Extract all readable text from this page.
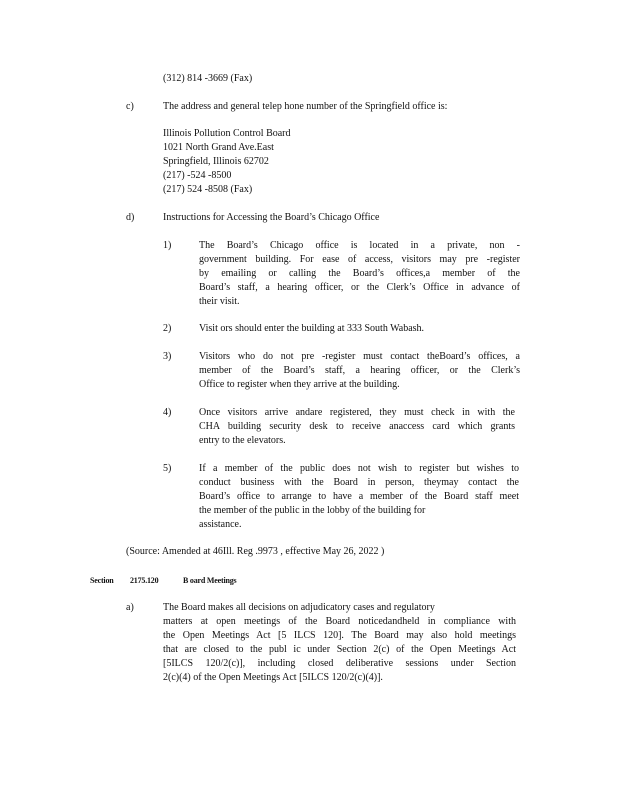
(312) 814 -3669 (Fax)
c)	The address and general telep hone number of the Springfield office is:
Illinois Pollution Control Board
1021 North Grand Ave.East
Springfield, Illinois 62702
(217) -524 -8500
(217) 524 -8508 (Fax)
d)	Instructions for Accessing the Board’s Chicago Office
1)	The Board’s Chicago office is located in a private, non -
government building. For ease of access, visitors may pre -register
by emailing or calling the Board’s offices,a member of the
Board’s staff, a hearing officer, or the Clerk’s Office in advance of
their visit.
2)	Visit ors should enter the building at 333 South Wabash.
3)	Visitors who do not pre -register must contact theBoard’s offices, a
member of the Board’s staff, a hearing officer, or the Clerk’s
Office to register when they arrive at the building.
4)	Once visitors arrive andare registered, they must check in with the
CHA building security desk to receive anaccess card which grants
entry to the elevators.
5)	If a member of the public does not wish to register but wishes to
conduct business with the Board in person, theymay contact the
Board’s office to arrange to have a member of the Board staff meet
the member of the public in the lobby of the building for
assistance.
(Source: Amended at 46Ill. Reg .9973 , effective May 26, 2022 )
Section 2175.120	B oard Meetings
a)	The Board makes all decisions on adjudicatory cases and regulatory
matters at open meetings of the Board noticedandheld in compliance with
the Open Meetings Act [5 ILCS 120]. The Board may also hold meetings
that are closed to the publ ic under Section 2(c) of the Open Meetings Act
[5ILCS 120/2(c)], including closed deliberative sessions under Section
2(c)(4) of the Open Meetings Act [5ILCS 120/2(c)(4)].
